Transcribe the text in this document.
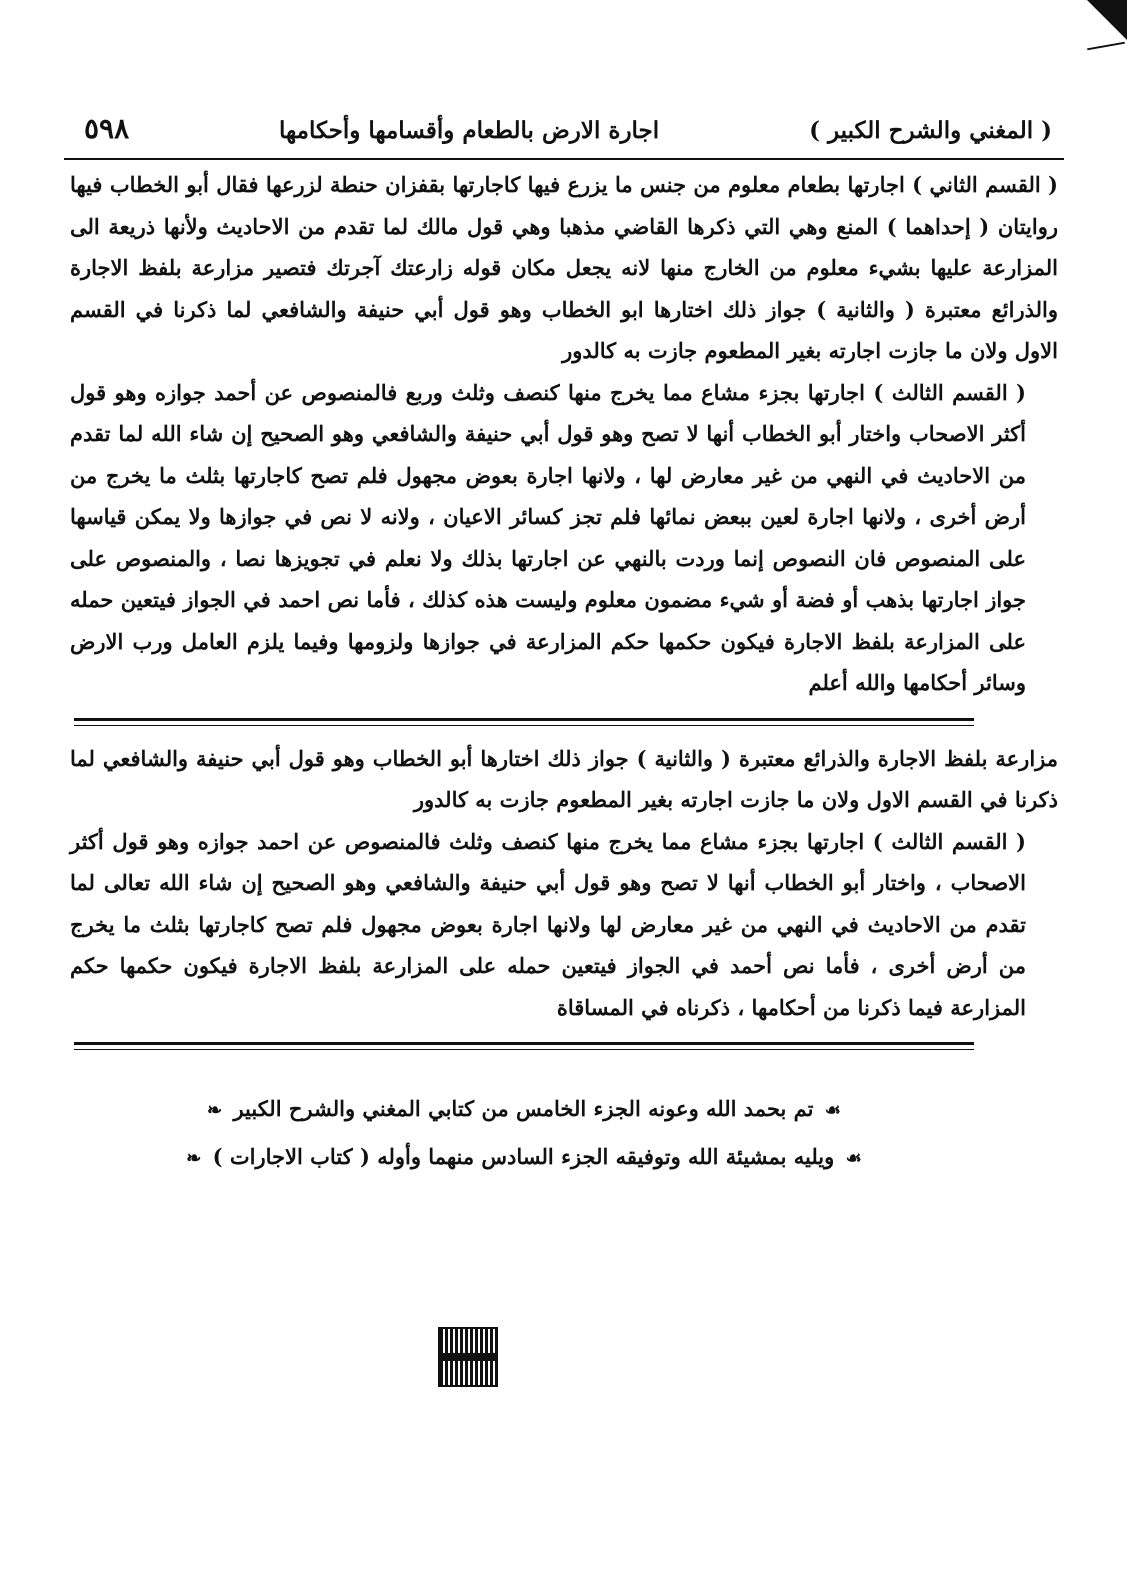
( المغني والشرح الكبير )
اجارة الارض بالطعام وأقسامها وأحكامها
٥٩٨

( القسم الثاني ) اجارتها بطعام معلوم من جنس ما يزرع فيها كاجارتها بقفزان حنطة لزرعها فقال أبو الخطاب فيها روايتان ( إحداهما ) المنع وهي التي ذكرها القاضي مذهبا وهي قول مالك لما تقدم من الاحاديث ولأنها ذريعة الى المزارعة عليها بشيء معلوم من الخارج منها لانه يجعل مكان قوله زارعتك آجرتك فتصير مزارعة بلفظ الاجارة والذرائع معتبرة ( والثانية ) جواز ذلك اختارها ابو الخطاب وهو قول أبي حنيفة والشافعي لما ذكرنا في القسم الاول ولان ما جازت اجارته بغير المطعوم جازت به كالدور

( القسم الثالث ) اجارتها بجزء مشاع مما يخرج منها كنصف وثلث وربع فالمنصوص عن أحمد جوازه وهو قول أكثر الاصحاب واختار أبو الخطاب أنها لا تصح وهو قول أبي حنيفة والشافعي وهو الصحيح إن شاء الله لما تقدم من الاحاديث في النهي من غير معارض لها ، ولانها اجارة بعوض مجهول فلم تصح كاجارتها بثلث ما يخرج من أرض أخرى ، ولانها اجارة لعين ببعض نمائها فلم تجز كسائر الاعيان ، ولانه لا نص في جوازها ولا يمكن قياسها على المنصوص فان النصوص إنما وردت بالنهي عن اجارتها بذلك ولا نعلم في تجويزها نصا ، والمنصوص على جواز اجارتها بذهب أو فضة أو شيء مضمون معلوم وليست هذه كذلك ، فأما نص احمد في الجواز فيتعين حمله على المزارعة بلفظ الاجارة فيكون حكمها حكم المزارعة في جوازها ولزومها وفيما يلزم العامل ورب الارض وسائر أحكامها والله أعلم

مزارعة بلفظ الاجارة والذرائع معتبرة ( والثانية ) جواز ذلك اختارها أبو الخطاب وهو قول أبي حنيفة والشافعي لما ذكرنا في القسم الاول ولان ما جازت اجارته بغير المطعوم جازت به كالدور

( القسم الثالث ) اجارتها بجزء مشاع مما يخرج منها كنصف وثلث فالمنصوص عن احمد جوازه وهو قول أكثر الاصحاب ، واختار أبو الخطاب أنها لا تصح وهو قول أبي حنيفة والشافعي وهو الصحيح إن شاء الله تعالى لما تقدم من الاحاديث في النهي من غير معارض لها ولانها اجارة بعوض مجهول فلم تصح كاجارتها بثلث ما يخرج من أرض أخرى ، فأما نص أحمد في الجواز فيتعين حمله على المزارعة بلفظ الاجارة فيكون حكمها حكم المزارعة فيما ذكرنا من أحكامها ، ذكرناه في المساقاة

☙ تم بحمد الله وعونه الجزء الخامس من كتابي المغني والشرح الكبير ❧
☙ ويليه بمشيئة الله وتوفيقه الجزء السادس منهما وأوله ( كتاب الاجارات ) ❧
